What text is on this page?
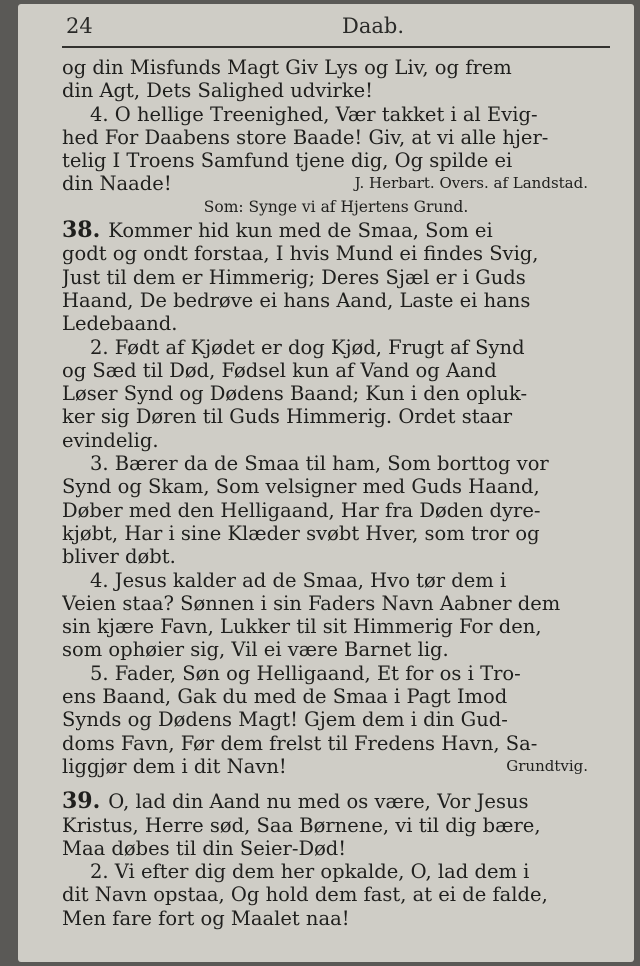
24	Daab.
og din Misfunds Magt Giv Lys og Liv, og frem
din Agt, Dets Salighed udvirke!
4. O hellige Treenighed, Vær takket i al Evig-
hed For Daabens store Baade! Giv, at vi alle hjer-
telig I Troens Samfund tjene dig, Og spilde ei
din Naade!	J. Herbart. Overs. af Landstad.
Som: Synge vi af Hjertens Grund.
38. Kommer hid kun med de Smaa, Som ei
godt og ondt forstaa, I hvis Mund ei findes Svig,
Just til dem er Himmerig; Deres Sjæl er i Guds
Haand, De bedrøve ei hans Aand, Laste ei hans
Ledebaand.
2. Født af Kjødet er dog Kjød, Frugt af Synd
og Sæd til Død, Fødsel kun af Vand og Aand
Løser Synd og Dødens Baand; Kun i den opluk-
ker sig Døren til Guds Himmerig. Ordet staar
evindelig.
3. Bærer da de Smaa til ham, Som borttog vor
Synd og Skam, Som velsigner med Guds Haand,
Døber med den Helligaand, Har fra Døden dyre-
kjøbt, Har i sine Klæder svøbt Hver, som tror og
bliver døbt.
4. Jesus kalder ad de Smaa, Hvo tør dem i
Veien staa? Sønnen i sin Faders Navn Aabner dem
sin kjære Favn, Lukker til sit Himmerig For den,
som ophøier sig, Vil ei være Barnet lig.
5. Fader, Søn og Helligaand, Et for os i Tro-
ens Baand, Gak du med de Smaa i Pagt Imod
Synds og Dødens Magt! Gjem dem i din Gud-
doms Favn, Før dem frelst til Fredens Havn, Sa-
liggjør dem i dit Navn!	Grundtvig.
39. O, lad din Aand nu med os være, Vor Jesus
Kristus, Herre sød, Saa Børnene, vi til dig bære,
Maa døbes til din Seier-Død!
2. Vi efter dig dem her opkalde, O, lad dem i
dit Navn opstaa, Og hold dem fast, at ei de falde,
Men fare fort og Maalet naa!
